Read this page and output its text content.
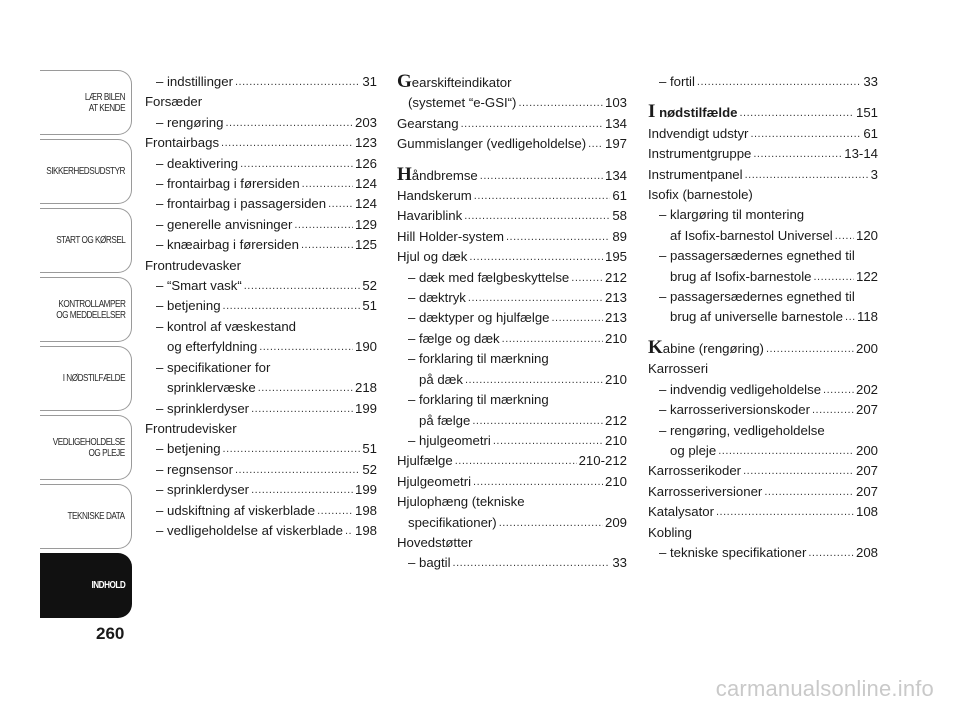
LÆR BILEN
AT KENDE
SIKKERHEDSUDSTYR
START OG KØRSEL
KONTROLLAMPER
OG MEDDELELSER
I NØDSTILFÆLDE
VEDLIGEHOLDELSE
OG PLEJE
TEKNISKE DATA
INDHOLD
260
– indstillinger .....	31
Forsæder
– rengøring .....	203
Frontairbags .....	123
– deaktivering .....	126
– frontairbag i førersiden .....	124
– frontairbag i passagersiden ..... 124
– generelle anvisninger .....	129
– knæairbag i førersiden .....	125
Frontrudevasker
– “Smart vask“ .....	52
– betjening .....	51
– kontrol af væskestand
og efterfyldning .....	190
– specifikationer for
sprinklervæske .....	218
– sprinklerdyser .....	199
Frontrudevisker
– betjening .....	51
– regnsensor .....	52
– sprinklerdyser .....	199
– udskiftning af viskerblade .....	198
– vedligeholdelse af viskerblade ..... 198
Gearskifteindikator
(systemet “e-GSI“) .....	103
Gearstang .....	134
Gummislanger (vedligeholdelse) ..... 197
Håndbremse .....	134
Handskerum .....	61
Havariblink .....	58
Hill Holder-system .....	89
Hjul og dæk .....	195
– dæk med fælgbeskyttelse .....	212
– dæktryk .....	213
– dæktyper og hjulfælge .....	213
– fælge og dæk .....	210
– forklaring til mærkning
på dæk .....	210
– forklaring til mærkning
på fælge .....	212
– hjulgeometri .....	210
Hjulfælge .....	210-212
Hjulgeometri .....	210
Hjulophæng (tekniske
specifikationer) .....	209
Hovedstøtter
– bagtil .....	33
– fortil .....	33
I nødstilfælde .....	151
Indvendigt udstyr .....	61
Instrumentgruppe .....	13-14
Instrumentpanel .....	3
Isofix (barnestole)
– klargøring til montering
af Isofix-barnestol Universel ..... 120
– passagersædernes egnethed til
brug af Isofix-barnestole .....	122
– passagersædernes egnethed til
brug af universelle barnestole ..... 118
Kabine (rengøring) .....	200
Karrosseri
– indvendig vedligeholdelse .....	202
– karrosseriversionskoder .....	207
– rengøring, vedligeholdelse
og pleje .....	200
Karrosserikoder .....	207
Karrosseriversioner .....	207
Katalysator .....	108
Kobling
– tekniske specifikationer .....	208
carmanualsonline.info
